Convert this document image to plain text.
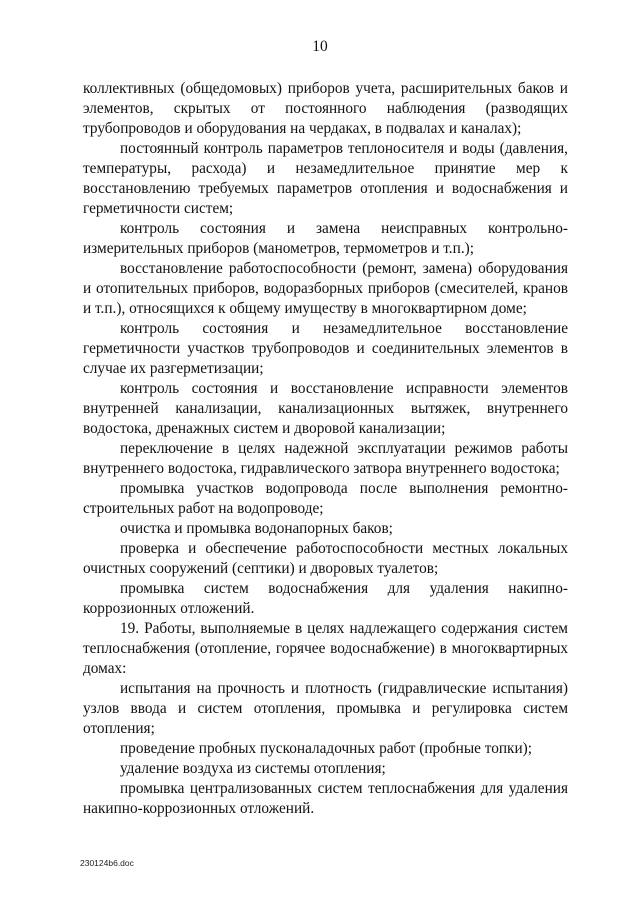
10

коллективных (общедомовых) приборов учета, расширительных баков и элементов, скрытых от постоянного наблюдения (разводящих трубопроводов и оборудования на чердаках, в подвалах и каналах);

постоянный контроль параметров теплоносителя и воды (давления, температуры, расхода) и незамедлительное принятие мер к восстановлению требуемых параметров отопления и водоснабжения и герметичности систем;

контроль состояния и замена неисправных контрольно-измерительных приборов (манометров, термометров и т.п.);

восстановление работоспособности (ремонт, замена) оборудования и отопительных приборов, водоразборных приборов (смесителей, кранов и т.п.), относящихся к общему имуществу в многоквартирном доме;

контроль состояния и незамедлительное восстановление герметичности участков трубопроводов и соединительных элементов в случае их разгерметизации;

контроль состояния и восстановление исправности элементов внутренней канализации, канализационных вытяжек, внутреннего водостока, дренажных систем и дворовой канализации;

переключение в целях надежной эксплуатации режимов работы внутреннего водостока, гидравлического затвора внутреннего водостока;

промывка участков водопровода после выполнения ремонтно-строительных работ на водопроводе;

очистка и промывка водонапорных баков;

проверка и обеспечение работоспособности местных локальных очистных сооружений (септики) и дворовых туалетов;

промывка систем водоснабжения для удаления накипно-коррозионных отложений.

19. Работы, выполняемые в целях надлежащего содержания систем теплоснабжения (отопление, горячее водоснабжение) в многоквартирных домах:

испытания на прочность и плотность (гидравлические испытания) узлов ввода и систем отопления, промывка и регулировка систем отопления;

проведение пробных пусконаладочных работ (пробные топки);

удаление воздуха из системы отопления;

промывка централизованных систем теплоснабжения для удаления накипно-коррозионных отложений.

230124b6.doc
